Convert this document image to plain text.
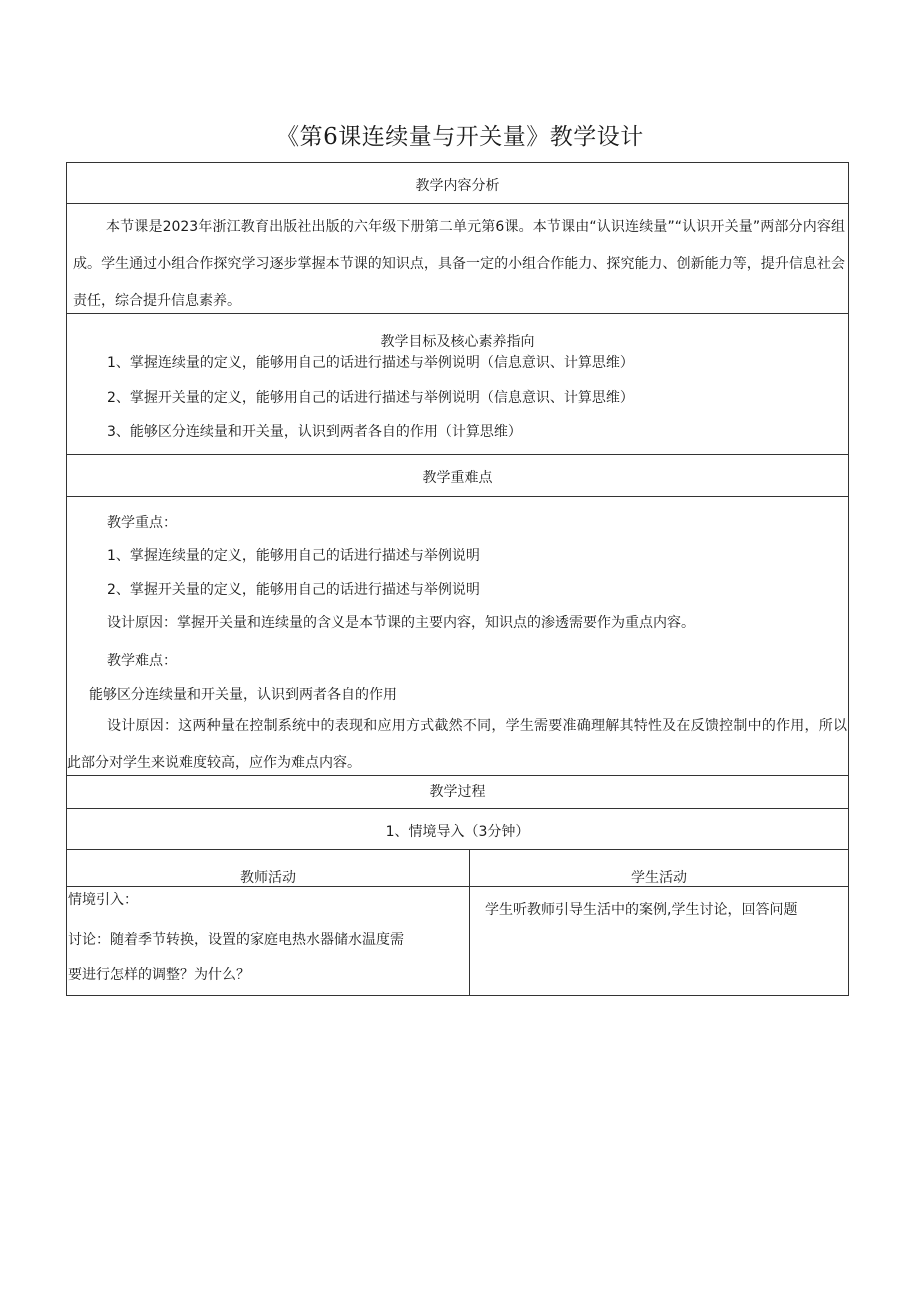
《第6课连续量与开关量》教学设计
教学内容分析
本节课是2023年浙江教育出版社出版的六年级下册第二单元第6课。本节课由“认识连续量”“认识开关量”两部分内容组成。学生通过小组合作探究学习逐步掌握本节课的知识点，具备一定的小组合作能力、探究能力、创新能力等，提升信息社会责任，综合提升信息素养。
教学目标及核心素养指向
1、掌握连续量的定义，能够用自己的话进行描述与举例说明（信息意识、计算思维）
2、掌握开关量的定义，能够用自己的话进行描述与举例说明（信息意识、计算思维）
3、能够区分连续量和开关量，认识到两者各自的作用（计算思维）
教学重难点
教学重点：
1、掌握连续量的定义，能够用自己的话进行描述与举例说明
2、掌握开关量的定义，能够用自己的话进行描述与举例说明
设计原因：掌握开关量和连续量的含义是本节课的主要内容，知识点的渗透需要作为重点内容。
教学难点：
能够区分连续量和开关量，认识到两者各自的作用
设计原因：这两种量在控制系统中的表现和应用方式截然不同，学生需要准确理解其特性及在反馈控制中的作用，所以此部分对学生来说难度较高，应作为难点内容。
教学过程
1、情境导入（3分钟）
教师活动	学生活动
情境引入：
讨论：随着季节转换，设置的家庭电热水器储水温度需
要进行怎样的调整？为什么？
学生听教师引导生活中的案例,学生讨论，回答问题
